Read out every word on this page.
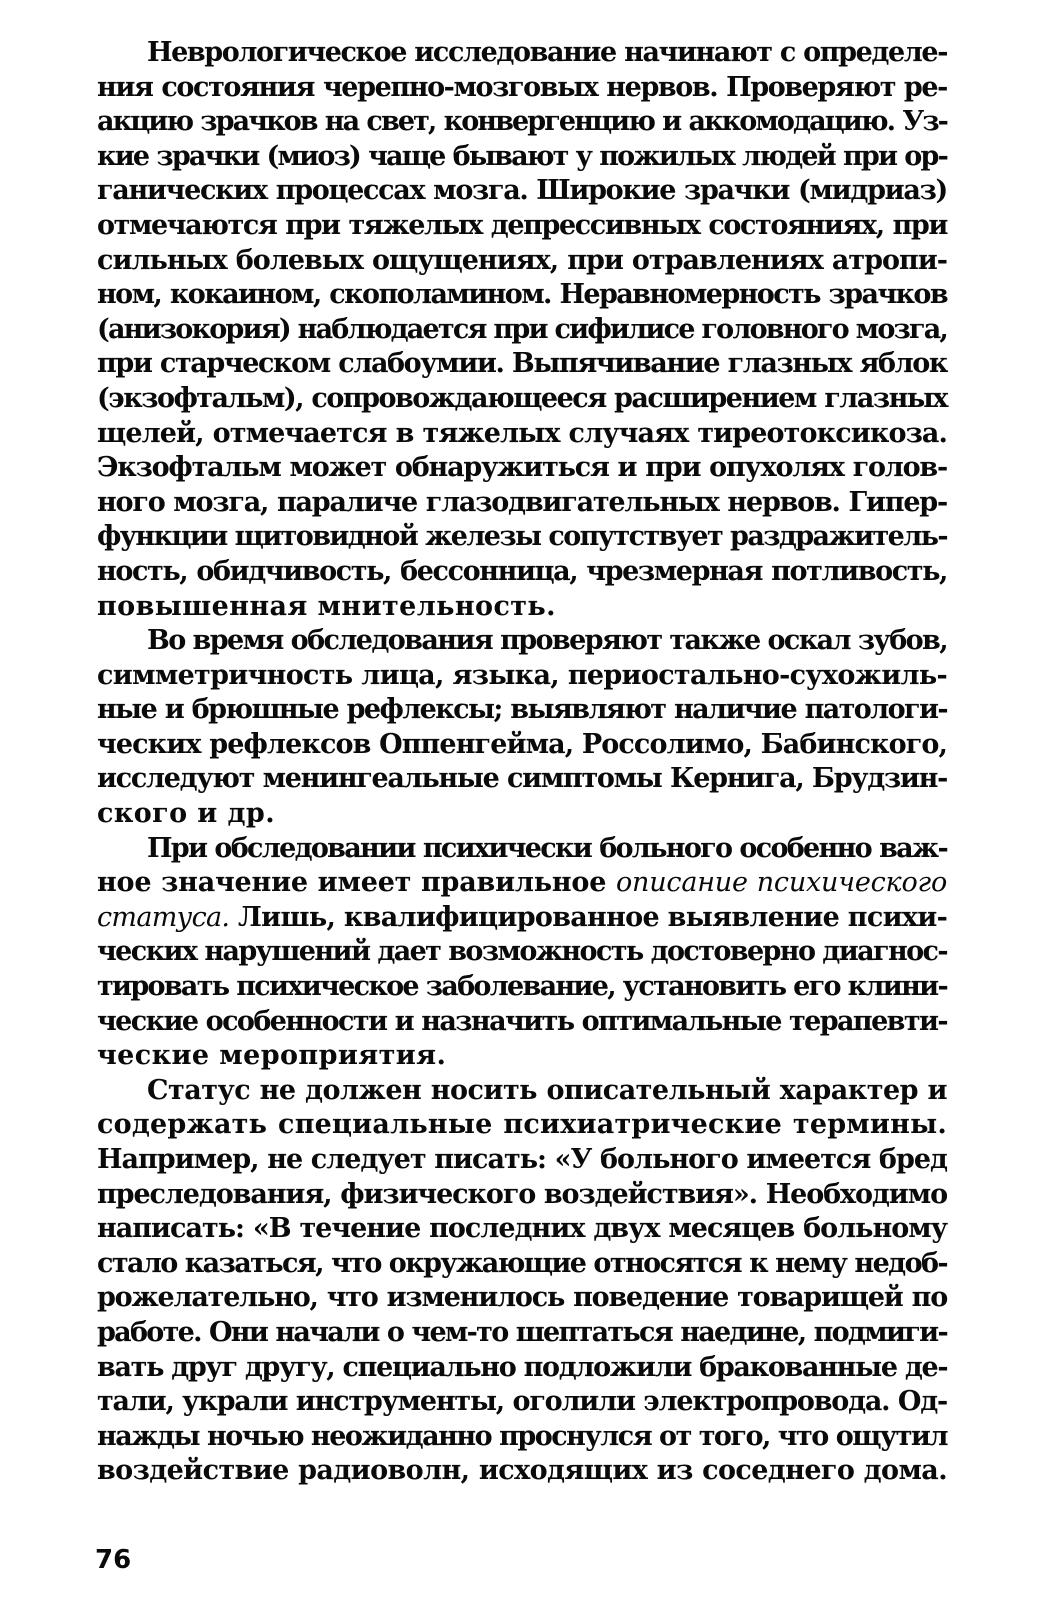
Неврологическое исследование начинают с определе-
ния состояния черепно-мозговых нервов. Проверяют ре-
акцию зрачков на свет, конвергенцию и аккомодацию. Уз-
кие зрачки (миоз) чаще бывают у пожилых людей при ор-
ганических процессах мозга. Широкие зрачки (мидриаз)
отмечаются при тяжелых депрессивных состояниях, при
сильных болевых ощущениях, при отравлениях атропи-
ном, кокаином, скополамином. Неравномерность зрачков
(анизокория) наблюдается при сифилисе головного мозга,
при старческом слабоумии. Выпячивание глазных яблок
(экзофтальм), сопровождающееся расширением глазных
щелей, отмечается в тяжелых случаях тиреотоксикоза.
Экзофтальм может обнаружиться и при опухолях голов-
ного мозга, параличе глазодвигательных нервов. Гипер-
функции щитовидной железы сопутствует раздражитель-
ность, обидчивость, бессонница, чрезмерная потливость,
повышенная мнительность.
Во время обследования проверяют также оскал зубов,
симметричность лица, языка, периостально-сухожиль-
ные и брюшные рефлексы; выявляют наличие патологи-
ческих рефлексов Оппенгейма, Россолимо, Бабинского,
исследуют менингеальные симптомы Кернига, Брудзин-
ского и др.
При обследовании психически больного особенно важ-
ное значение имеет правильное описание психического
статуса. Лишь, квалифицированное выявление психи-
ческих нарушений дает возможность достоверно диагнос-
тировать психическое заболевание, установить его клини-
ческие особенности и назначить оптимальные терапевти-
ческие мероприятия.
Статус не должен носить описательный характер и
содержать специальные психиатрические термины.
Например, не следует писать: «У больного имеется бред
преследования, физического воздействия». Необходимо
написать: «В течение последних двух месяцев больному
стало казаться, что окружающие относятся к нему недоб-
рожелательно, что изменилось поведение товарищей по
работе. Они начали о чем-то шептаться наедине, подмиги-
вать друг другу, специально подложили бракованные де-
тали, украли инструменты, оголили электропровода. Од-
нажды ночью неожиданно проснулся от того, что ощутил
воздействие радиоволн, исходящих из соседнего дома.
76
